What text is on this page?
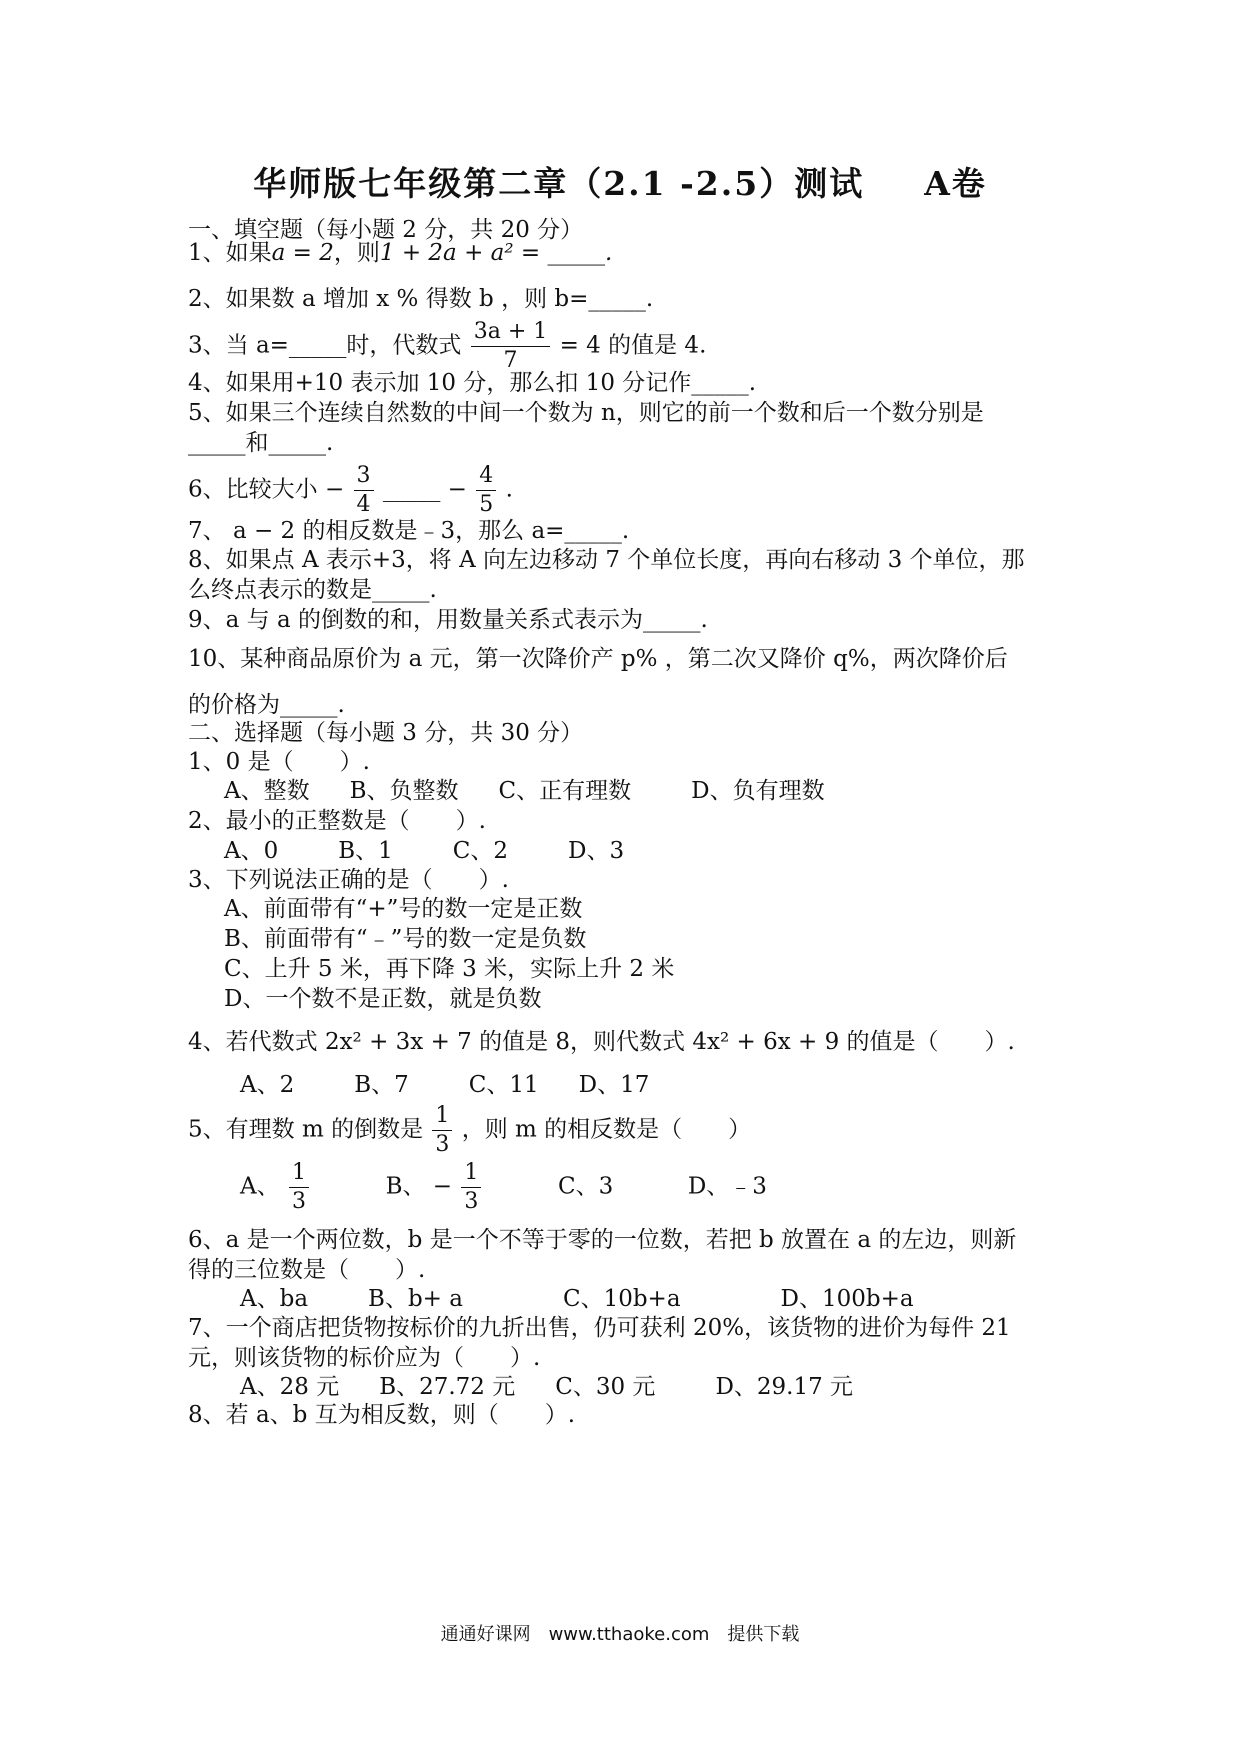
华师版七年级第二章（2.1 -2.5）测试 A卷
一、填空题（每小题 2 分，共 20 分）
1、如果a = 2，则1 + 2a + a² = _____.
2、如果数 a 增加 x % 得数 b ，则 b=_____.
3、当 a=_____时，代数式 $\frac{3a + 1}{7} = 4$ 的值是 4.
4、如果用+10 表示加 10 分，那么扣 10 分记作_____.
5、如果三个连续自然数的中间一个数为 n，则它的前一个数和后一个数分别是
_____和_____.
6、比较大小 − $\frac{3}{4}$ _____ − $\frac{4}{5}$ .
7、 a − 2 的相反数是﹣3，那么 a=_____.
8、如果点 A 表示+3，将 A 向左边移动 7 个单位长度，再向右移动 3 个单位，那
么终点表示的数是_____.
9、a 与 a 的倒数的和，用数量关系式表示为_____.
10、某种商品原价为 a 元，第一次降价产 p% ，第二次又降价 q%，两次降价后
的价格为_____.
二、选择题（每小题 3 分，共 30 分）
1、0 是（　　）.
A、整数 B、负整数 C、正有理数	D、负有理数
2、最小的正整数是（　　）.
A、0	B、1	C、2	D、3
3、下列说法正确的是（　　）.
A、前面带有“+”号的数一定是正数
B、前面带有“﹣”号的数一定是负数
C、上升 5 米，再下降 3 米，实际上升 2 米
D、一个数不是正数，就是负数
4、若代数式 2x² + 3x + 7 的值是 8，则代数式 4x² + 6x + 9 的值是（　　）.
A、2	B、7	C、11 D、17
5、有理数 m 的倒数是 $\frac{1}{3}$ ，则 m 的相反数是（　　）
A、 $\frac{1}{3}$	B、 − $\frac{1}{3}$	C、3	D、﹣3
6、a 是一个两位数，b 是一个不等于零的一位数，若把 b 放置在 a 的左边，则新
得的三位数是（　　）.
A、ba	B、b+ a	C、10b+a	D、100b+a
7、一个商店把货物按标价的九折出售，仍可获利 20%，该货物的进价为每件 21
元，则该货物的标价应为（　　）.
A、28 元 B、27.72 元 C、30 元	D、29.17 元
8、若 a、b 互为相反数，则（　　）.
通通好课网　www.tthaoke.com　提供下载
